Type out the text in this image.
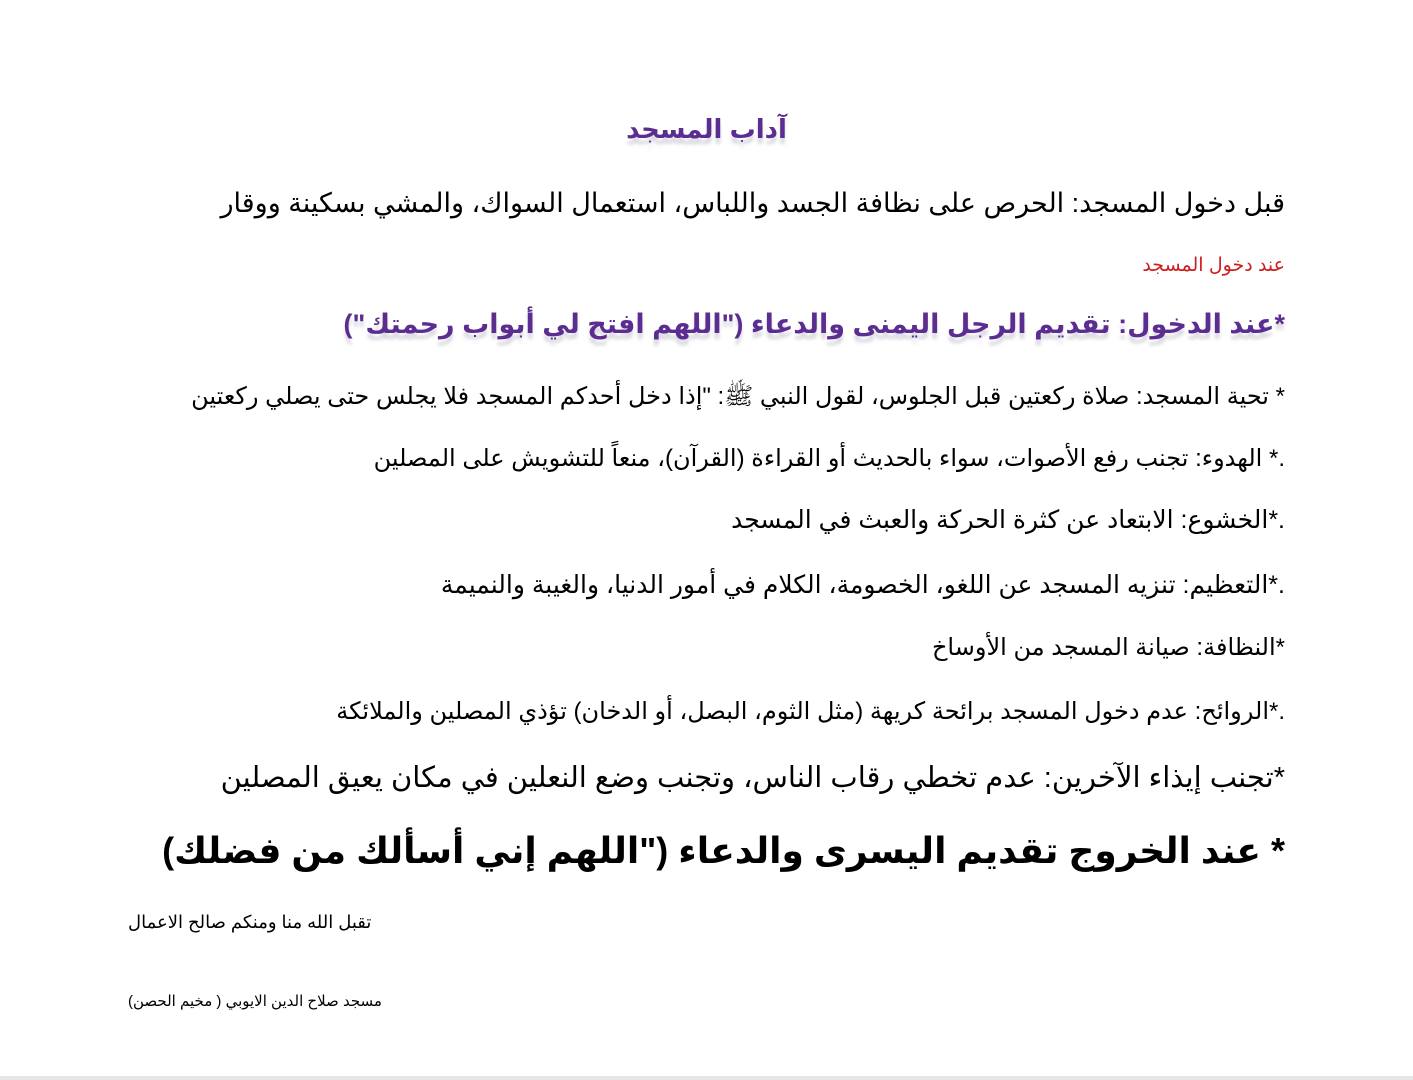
آداب المسجد
قبل دخول المسجد: الحرص على نظافة الجسد واللباس، استعمال السواك، والمشي بسكينة ووقار
عند دخول المسجد
*عند الدخول: تقديم الرجل اليمنى والدعاء ("اللهم افتح لي أبواب رحمتك")
* تحية المسجد: صلاة ركعتين قبل الجلوس، لقول النبي ﷺ: "إذا دخل أحدكم المسجد فلا يجلس حتى يصلي ركعتين
.* الهدوء: تجنب رفع الأصوات، سواء بالحديث أو القراءة (القرآن)، منعاً للتشويش على المصلين
.*الخشوع: الابتعاد عن كثرة الحركة والعبث في المسجد
.*التعظيم: تنزيه المسجد عن اللغو، الخصومة، الكلام في أمور الدنيا، والغيبة والنميمة
*النظافة: صيانة المسجد من الأوساخ
.*الروائح: عدم دخول المسجد برائحة كريهة (مثل الثوم، البصل، أو الدخان) تؤذي المصلين والملائكة
*تجنب إيذاء الآخرين: عدم تخطي رقاب الناس، وتجنب وضع النعلين في مكان يعيق المصلين
* عند الخروج تقديم اليسرى والدعاء ("اللهم إني أسألك من فضلك)
تقبل الله منا ومنكم صالح الاعمال
مسجد صلاح الدين الايوبي ( مخيم الحصن)
